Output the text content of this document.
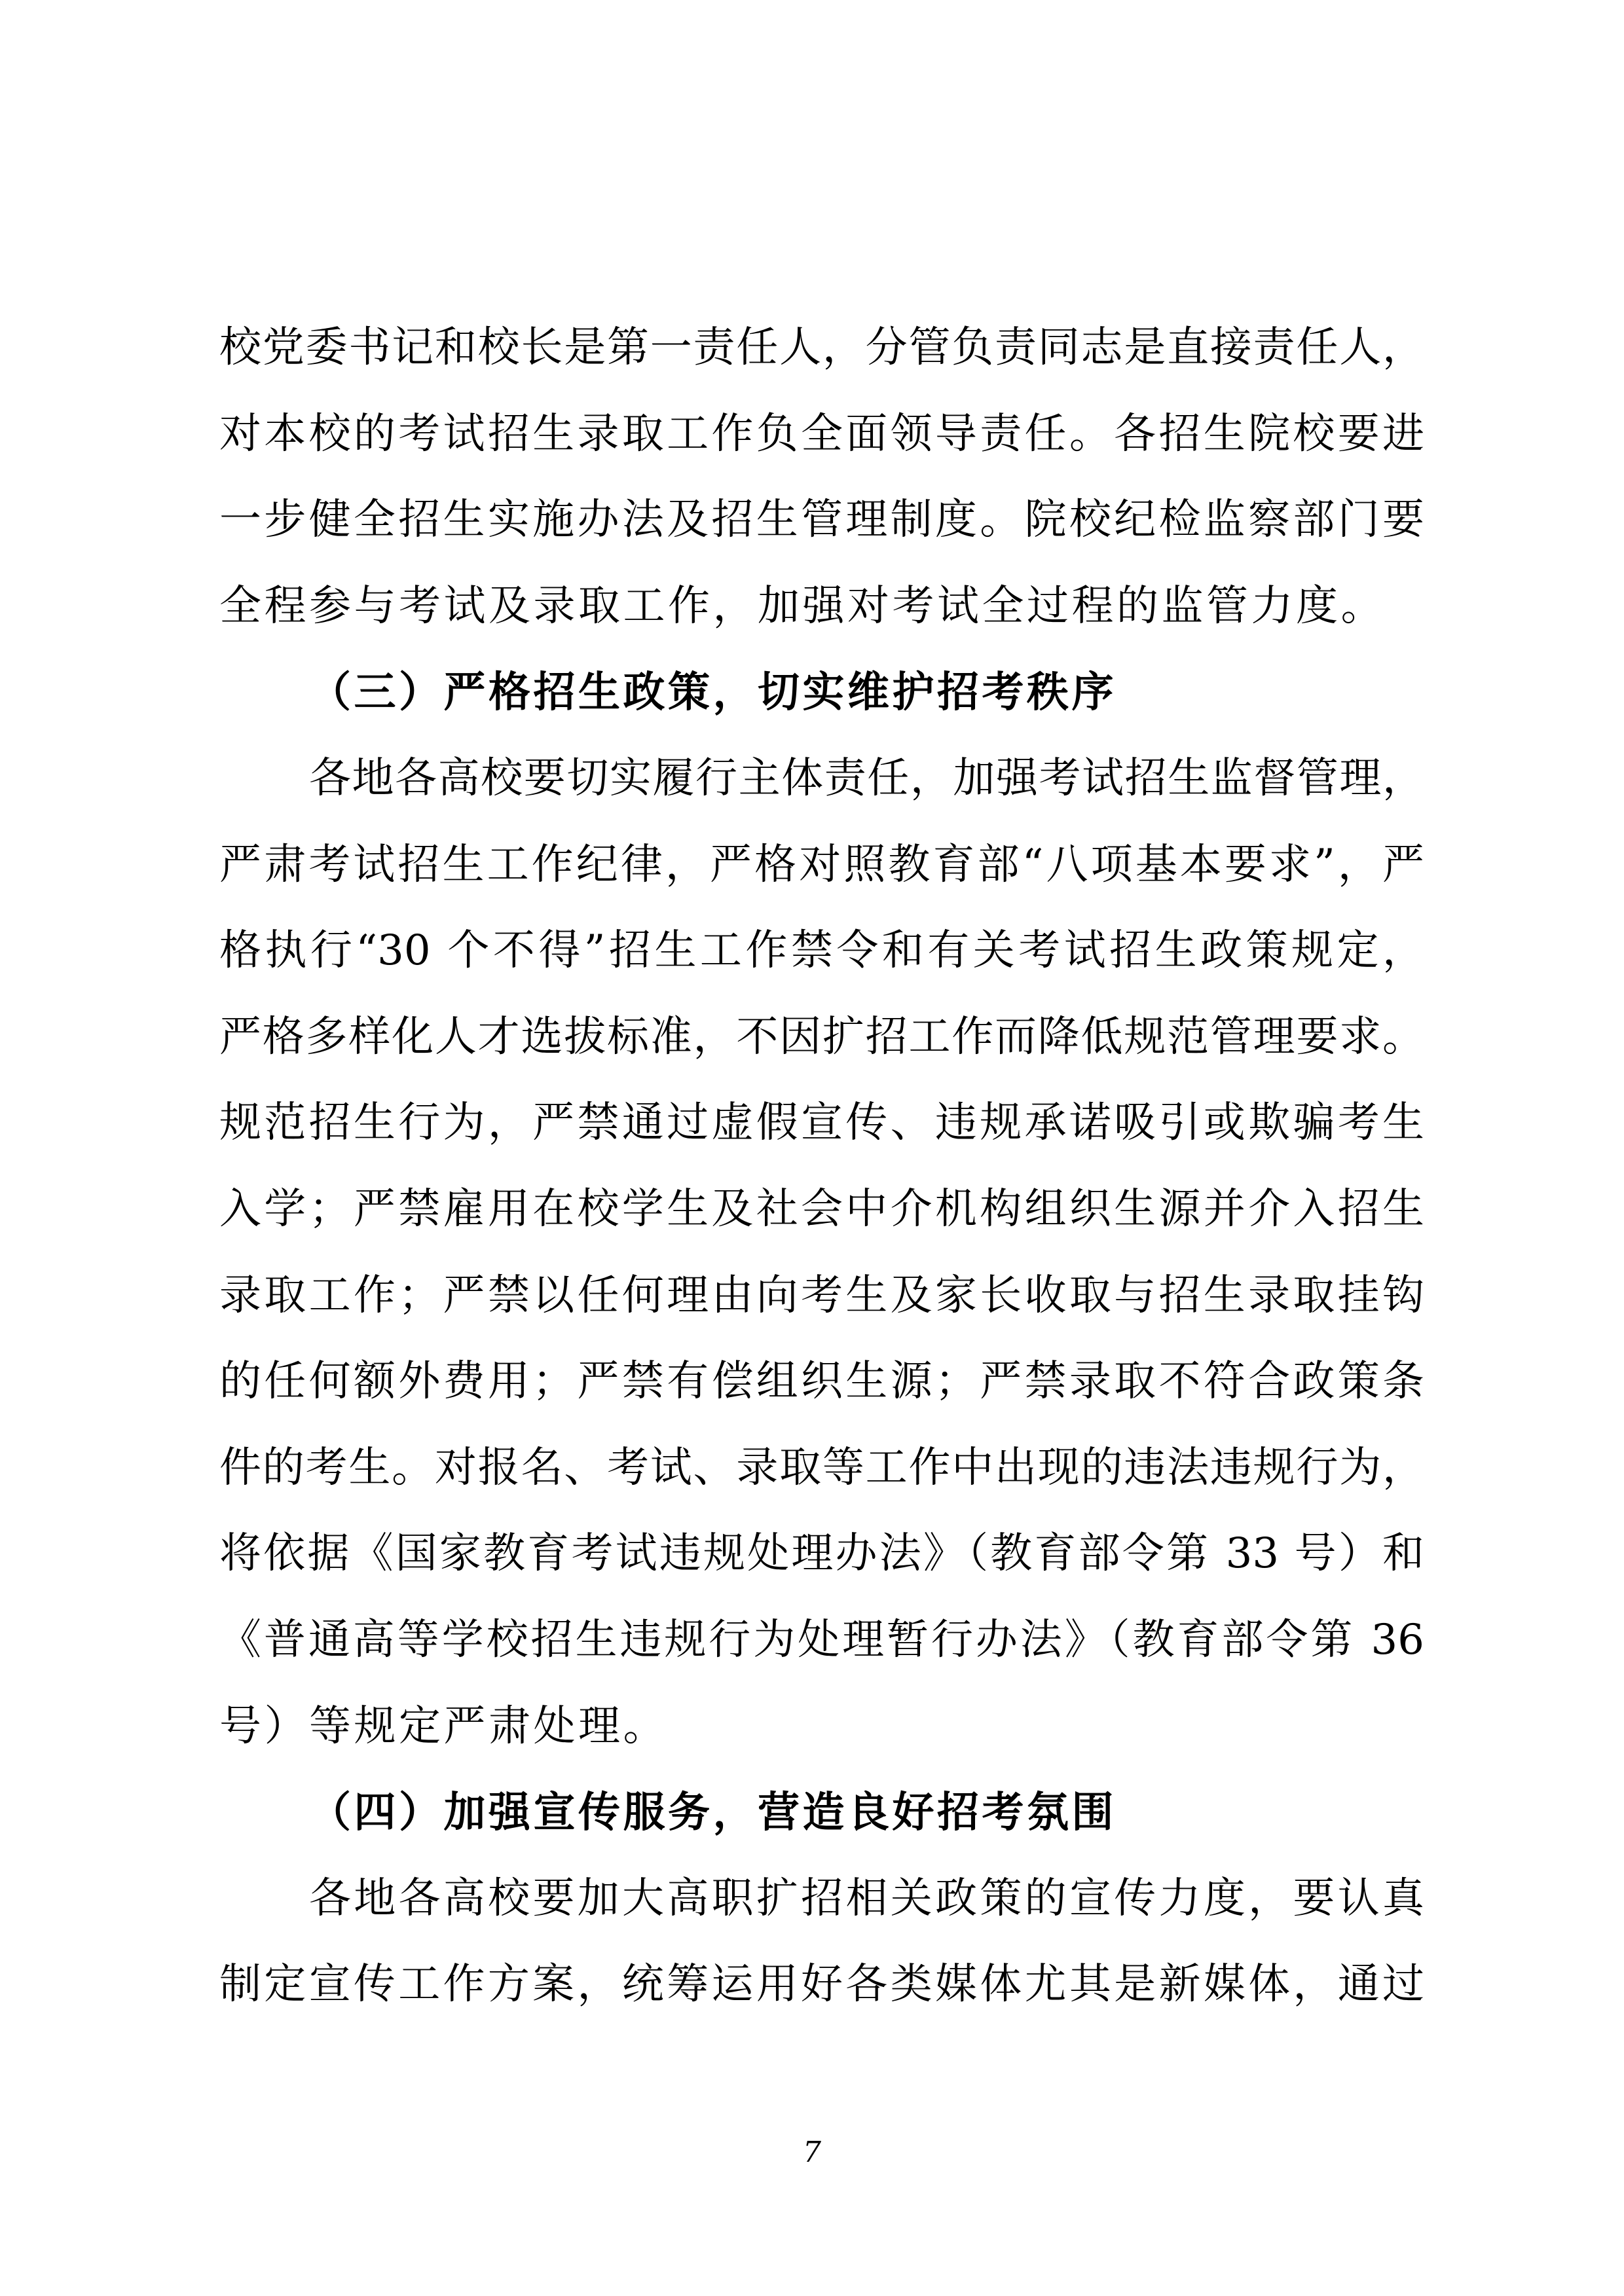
校党委书记和校长是第一责任人，分管负责同志是直接责任人，
对本校的考试招生录取工作负全面领导责任。各招生院校要进
一步健全招生实施办法及招生管理制度。院校纪检监察部门要
全程参与考试及录取工作，加强对考试全过程的监管力度。
（三）严格招生政策，切实维护招考秩序
各地各高校要切实履行主体责任，加强考试招生监督管理，
严肃考试招生工作纪律，严格对照教育部“八项基本要求”，严
格执行“30 个不得”招生工作禁令和有关考试招生政策规定，
严格多样化人才选拔标准，不因扩招工作而降低规范管理要求。
规范招生行为，严禁通过虚假宣传、违规承诺吸引或欺骗考生
入学；严禁雇用在校学生及社会中介机构组织生源并介入招生
录取工作；严禁以任何理由向考生及家长收取与招生录取挂钩
的任何额外费用；严禁有偿组织生源；严禁录取不符合政策条
件的考生。对报名、考试、录取等工作中出现的违法违规行为，
将依据《国家教育考试违规处理办法》（教育部令第 33 号）和
《普通高等学校招生违规行为处理暂行办法》（教育部令第 36
号）等规定严肃处理。
（四）加强宣传服务，营造良好招考氛围
各地各高校要加大高职扩招相关政策的宣传力度，要认真
制定宣传工作方案，统筹运用好各类媒体尤其是新媒体，通过
7
